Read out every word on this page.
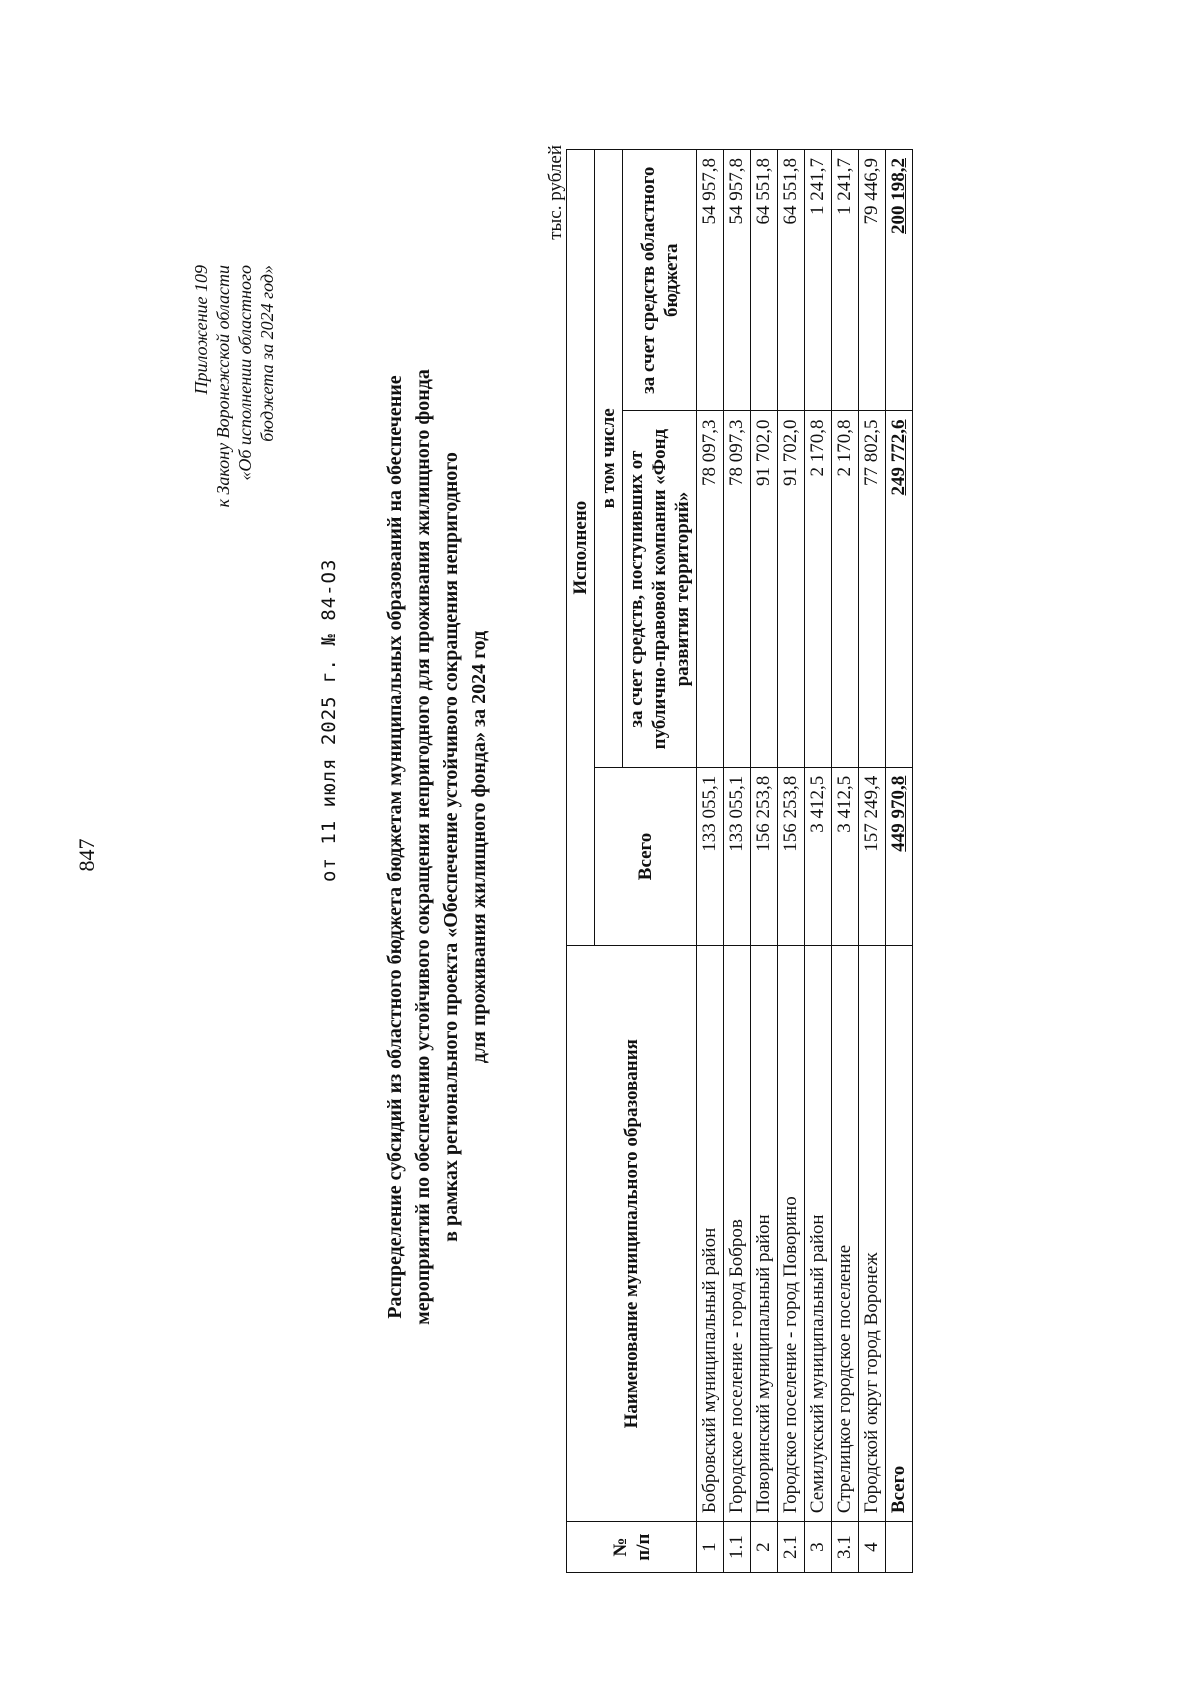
847
Приложение 109 к Закону Воронежской области «Об исполнении областного бюджета за 2024 год»
от 11 июля 2025 г. № 84-ОЗ Распределение субсидий из областного бюджета бюджетам муниципальных образований на обеспечение мероприятий по обеспечению устойчивого сокращения непригодного для проживания жилищного фонда в рамках регионального проекта «Обеспечение устойчивого сокращения непригодного для проживания жилищного фонда» за 2024 год
тыс. рублей
№ п/п	Наименование муниципального образования	Исполнено		
		Всего	в том числе	
			за счет средств, поступивших от публично-правовой компании «Фонд развития территорий»	за счет средств областного бюджета
1	Бобровский муниципальный район	133 055,1	78 097,3	54 957,8
1.1	Городское поселение - город Бобров	133 055,1	78 097,3	54 957,8
2	Поворинский муниципальный район	156 253,8	91 702,0	64 551,8
2.1	Городское поселение - город Поворино	156 253,8	91 702,0	64 551,8
3	Семилукский муниципальный район	3 412,5	2 170,8	1 241,7
3.1	Стрелицкое городское поселение	3 412,5	2 170,8	1 241,7
4	Городской округ город Воронеж	157 249,4	77 802,5	79 446,9
	Всего	449 970,8	249 772,6	200 198,2
